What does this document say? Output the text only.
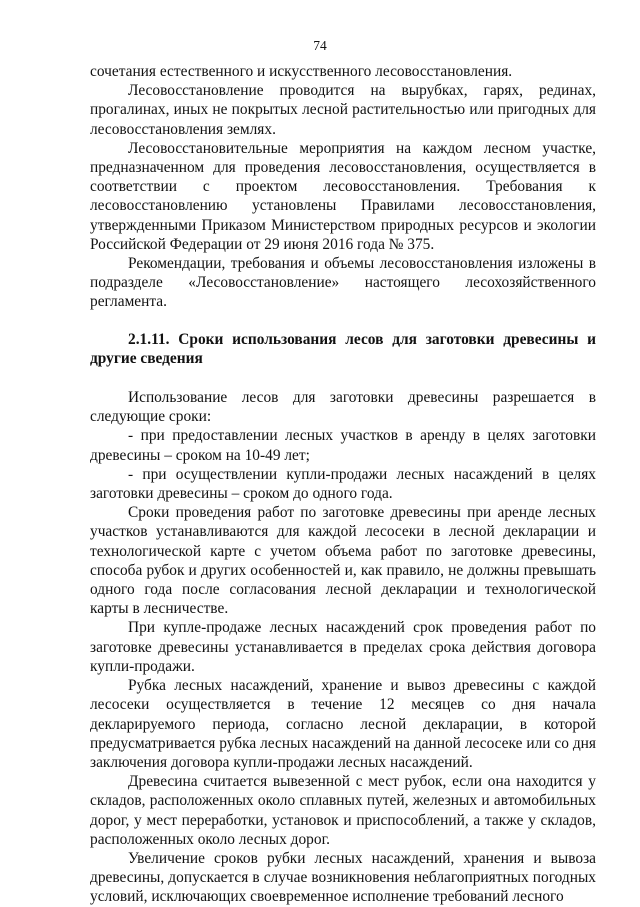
74

сочетания естественного и искусственного лесовосстановления.

Лесовосстановление проводится на вырубках, гарях, рединах, прогалинах, иных не покрытых лесной растительностью или пригодных для лесовосстановления землях.

Лесовосстановительные мероприятия на каждом лесном участке, предназначенном для проведения лесовосстановления, осуществляется в соответствии с проектом лесовосстановления. Требования к лесовосстановлению установлены Правилами лесовосстановления, утвержденными Приказом Министерством природных ресурсов и экологии Российской Федерации от 29 июня 2016 года № 375.

Рекомендации, требования и объемы лесовосстановления изложены в подразделе «Лесовосстановление» настоящего лесохозяйственного регламента.

2.1.11. Сроки использования лесов для заготовки древесины и другие сведения

Использование лесов для заготовки древесины разрешается в следующие сроки:

- при предоставлении лесных участков в аренду в целях заготовки древесины – сроком на 10-49 лет;

- при осуществлении купли-продажи лесных насаждений в целях заготовки древесины – сроком до одного года.

Сроки проведения работ по заготовке древесины при аренде лесных участков устанавливаются для каждой лесосеки в лесной декларации и технологической карте с учетом объема работ по заготовке древесины, способа рубок и других особенностей и, как правило, не должны превышать одного года после согласования лесной декларации и технологической карты в лесничестве.

При купле-продаже лесных насаждений срок проведения работ по заготовке древесины устанавливается в пределах срока действия договора купли-продажи.

Рубка лесных насаждений, хранение и вывоз древесины с каждой лесосеки осуществляется в течение 12 месяцев со дня начала декларируемого периода, согласно лесной декларации, в которой предусматривается рубка лесных насаждений на данной лесосеке или со дня заключения договора купли-продажи лесных насаждений.

Древесина считается вывезенной с мест рубок, если она находится у складов, расположенных около сплавных путей, железных и автомобильных дорог, у мест переработки, установок и приспособлений, а также у складов, расположенных около лесных дорог.

Увеличение сроков рубки лесных насаждений, хранения и вывоза древесины, допускается в случае возникновения неблагоприятных погодных условий, исключающих своевременное исполнение требований лесного
